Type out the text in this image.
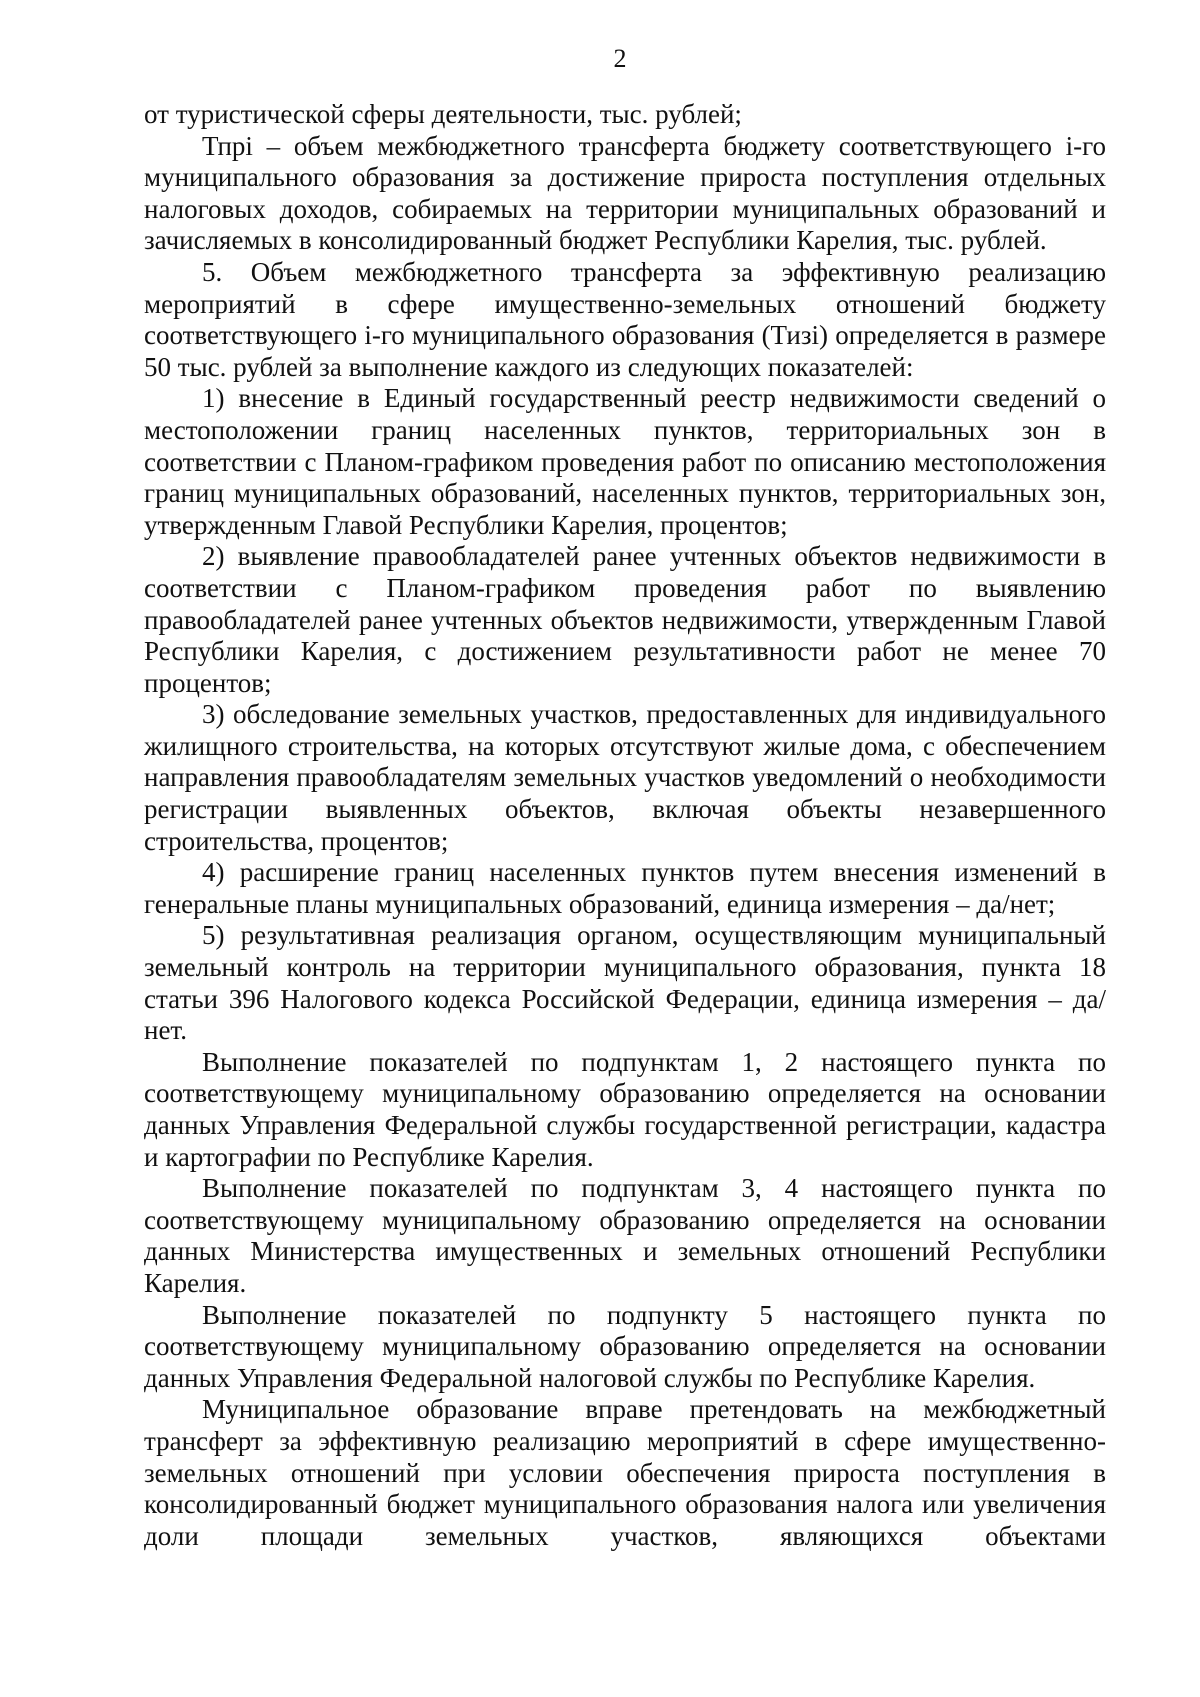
2

от туристической сферы деятельности, тыс. рублей;

Тпрі – объем межбюджетного трансферта бюджету соответствующего і-го муниципального образования за достижение прироста поступления отдельных налоговых доходов, собираемых на территории муниципальных образований и зачисляемых в консолидированный бюджет Республики Карелия, тыс. рублей.

5. Объем межбюджетного трансферта за эффективную реализацию мероприятий в сфере имущественно-земельных отношений бюджету соответствующего і-го муниципального образования (Тизі) определяется в размере 50 тыс. рублей за выполнение каждого из следующих показателей:

1) внесение в Единый государственный реестр недвижимости сведений о местоположении границ населенных пунктов, территориальных зон в соответствии с Планом-графиком проведения работ по описанию местоположения границ муниципальных образований, населенных пунктов, территориальных зон, утвержденным Главой Республики Карелия, процентов;

2) выявление правообладателей ранее учтенных объектов недвижимости в соответствии с Планом-графиком проведения работ по выявлению правообладателей ранее учтенных объектов недвижимости, утвержденным Главой Республики Карелия, с достижением результативности работ не менее 70 процентов;

3) обследование земельных участков, предоставленных для индивидуального жилищного строительства, на которых отсутствуют жилые дома, с обеспечением направления правообладателям земельных участков уведомлений о необходимости регистрации выявленных объектов, включая объекты незавершенного строительства, процентов;

4) расширение границ населенных пунктов путем внесения изменений в генеральные планы муниципальных образований, единица измерения – да/нет;

5) результативная реализация органом, осуществляющим муниципальный земельный контроль на территории муниципального образования, пункта 18 статьи 396 Налогового кодекса Российской Федерации, единица измерения – да/нет.

Выполнение показателей по подпунктам 1, 2 настоящего пункта по соответствующему муниципальному образованию определяется на основании данных Управления Федеральной службы государственной регистрации, кадастра и картографии по Республике Карелия.

Выполнение показателей по подпунктам 3, 4 настоящего пункта по соответствующему муниципальному образованию определяется на основании данных Министерства имущественных и земельных отношений Республики Карелия.

Выполнение показателей по подпункту 5 настоящего пункта по соответствующему муниципальному образованию определяется на основании данных Управления Федеральной налоговой службы по Республике Карелия.

Муниципальное образование вправе претендовать на межбюджетный трансферт за эффективную реализацию мероприятий в сфере имущественно-земельных отношений при условии обеспечения прироста поступления в консолидированный бюджет муниципального образования налога или увеличения доли площади земельных участков, являющихся объектами
